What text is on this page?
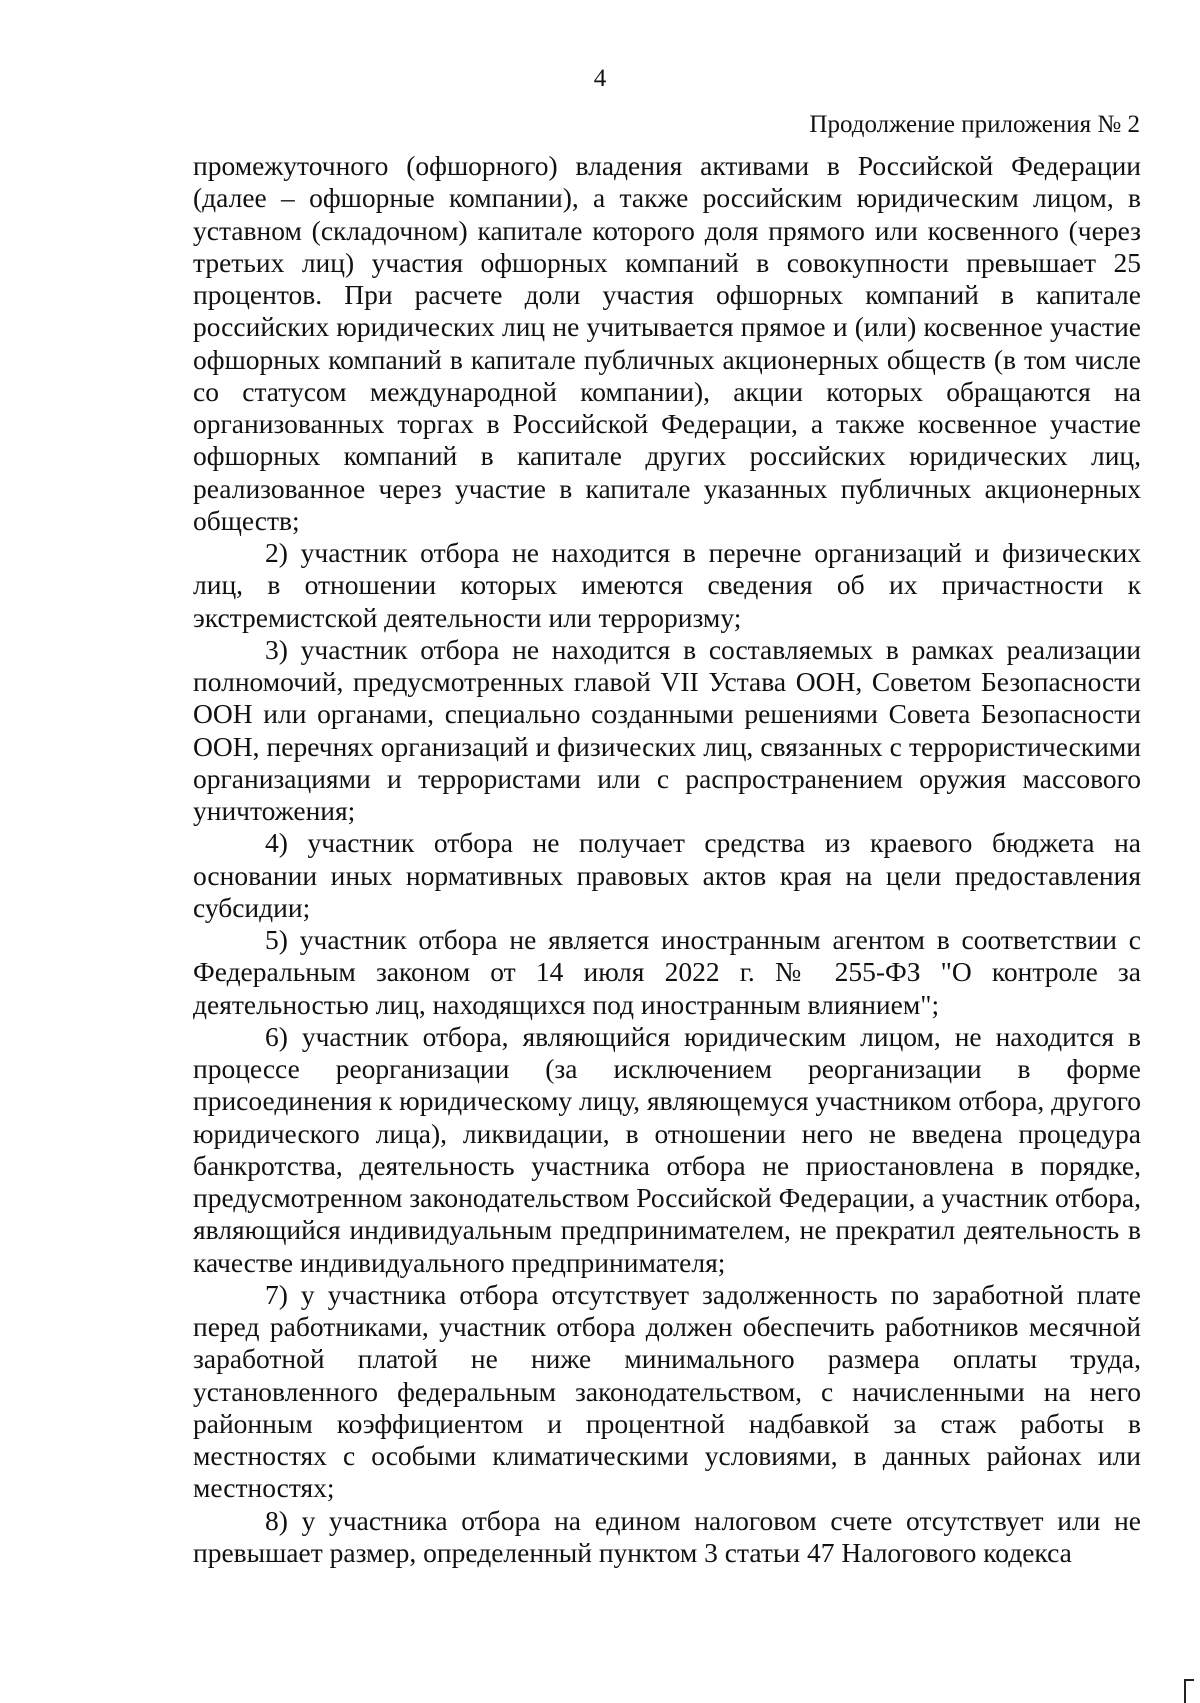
4
Продолжение приложения № 2

промежуточного (офшорного) владения активами в Российской Федерации (далее – офшорные компании), а также российским юридическим лицом, в уставном (складочном) капитале которого доля прямого или косвенного (через третьих лиц) участия офшорных компаний в совокупности превышает 25 процентов. При расчете доли участия офшорных компаний в капитале российских юридических лиц не учитывается прямое и (или) косвенное участие офшорных компаний в капитале публичных акционерных обществ (в том числе со статусом международной компании), акции которых обращаются на организованных торгах в Российской Федерации, а также косвенное участие офшорных компаний в капитале других российских юридических лиц, реализованное через участие в капитале указанных публичных акционерных обществ;

2) участник отбора не находится в перечне организаций и физических лиц, в отношении которых имеются сведения об их причастности к экстремистской деятельности или терроризму;

3) участник отбора не находится в составляемых в рамках реализации полномочий, предусмотренных главой VII Устава ООН, Советом Безопасности ООН или органами, специально созданными решениями Совета Безопасности ООН, перечнях организаций и физических лиц, связанных с террористическими организациями и террористами или с распространением оружия массового уничтожения;

4) участник отбора не получает средства из краевого бюджета на основании иных нормативных правовых актов края на цели предоставления субсидии;

5) участник отбора не является иностранным агентом в соответствии с Федеральным законом от 14 июля 2022 г. № 255-ФЗ "О контроле за деятельностью лиц, находящихся под иностранным влиянием";

6) участник отбора, являющийся юридическим лицом, не находится в процессе реорганизации (за исключением реорганизации в форме присоединения к юридическому лицу, являющемуся участником отбора, другого юридического лица), ликвидации, в отношении него не введена процедура банкротства, деятельность участника отбора не приостановлена в порядке, предусмотренном законодательством Российской Федерации, а участник отбора, являющийся индивидуальным предпринимателем, не прекратил деятельность в качестве индивидуального предпринимателя;

7) у участника отбора отсутствует задолженность по заработной плате перед работниками, участник отбора должен обеспечить работников месячной заработной платой не ниже минимального размера оплаты труда, установленного федеральным законодательством, с начисленными на него районным коэффициентом и процентной надбавкой за стаж работы в местностях с особыми климатическими условиями, в данных районах или местностях;

8) у участника отбора на едином налоговом счете отсутствует или не превышает размер, определенный пунктом 3 статьи 47 Налогового кодекса
